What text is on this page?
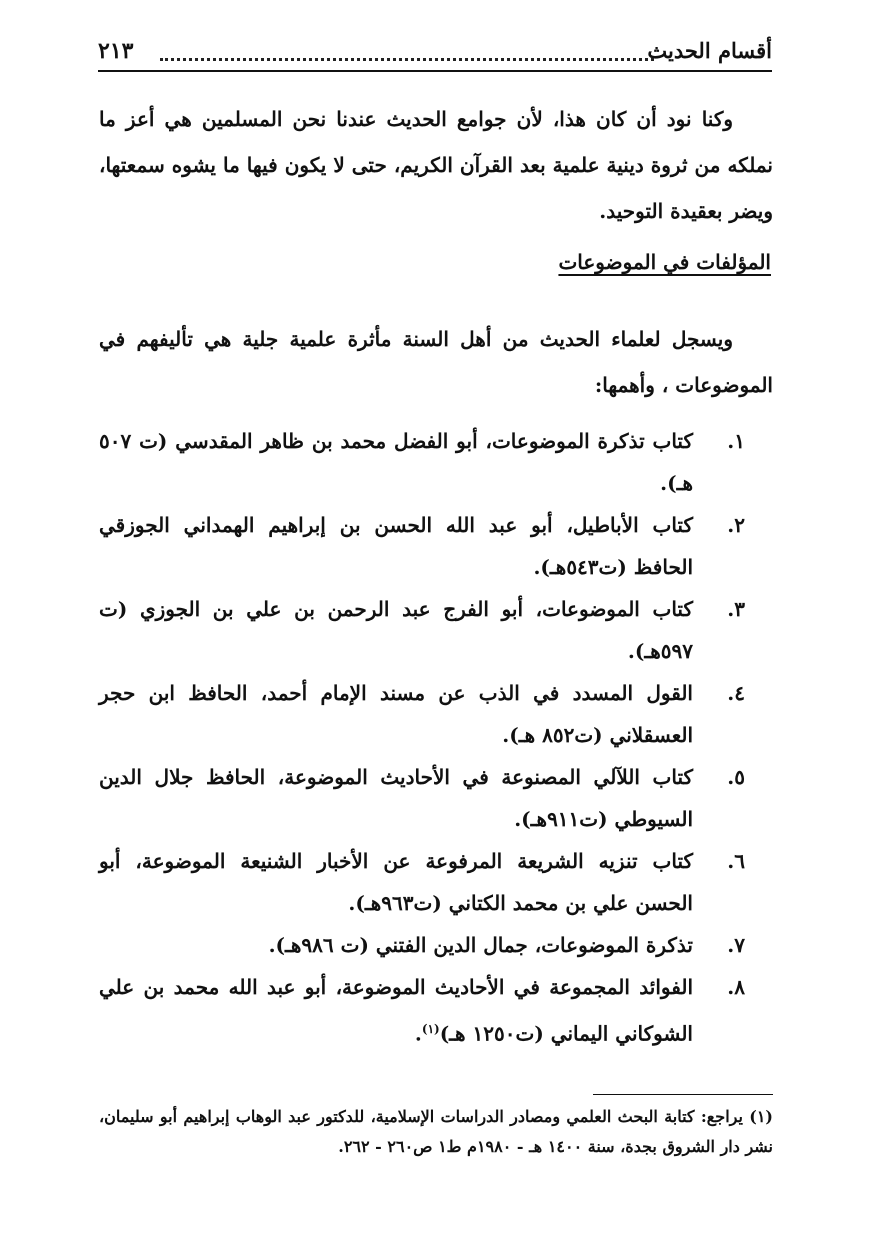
أقسام الحديث
٢١٣

وكنا نود أن كان هذا، لأن جوامع الحديث عندنا نحن المسلمين هي أعز ما نملكه من ثروة دينية علمية بعد القرآن الكريم، حتى لا يكون فيها ما يشوه سمعتها، ويضر بعقيدة التوحيد.

المؤلفات في الموضوعات

ويسجل لعلماء الحديث من أهل السنة مأثرة علمية جلية هي تأليفهم في الموضوعات ، وأهمها:

١.
كتاب تذكرة الموضوعات، أبو الفضل محمد بن ظاهر المقدسي (ت ٥٠٧ هـ).
٢.
كتاب الأباطيل، أبو عبد الله الحسن بن إبراهيم الهمداني الجوزقي الحافظ (ت٥٤٣هـ).
٣.
كتاب الموضوعات، أبو الفرج عبد الرحمن بن علي بن الجوزي (ت ٥٩٧هـ).
٤.
القول المسدد في الذب عن مسند الإمام أحمد، الحافظ ابن حجر العسقلاني (ت٨٥٢ هـ).
٥.
كتاب اللآلي المصنوعة في الأحاديث الموضوعة، الحافظ جلال الدين السيوطي (ت٩١١هـ).
٦.
كتاب تنزيه الشريعة المرفوعة عن الأخبار الشنيعة الموضوعة، أبو الحسن علي بن محمد الكتاني (ت٩٦٣هـ).
٧.
تذكرة الموضوعات، جمال الدين الفتني (ت ٩٨٦هـ).
٨.
الفوائد المجموعة في الأحاديث الموضوعة، أبو عبد الله محمد بن علي الشوكاني اليماني (ت١٢٥٠ هـ)$^{(١)}$.
(١) يراجع: كتابة البحث العلمي ومصادر الدراسات الإسلامية، للدكتور عبد الوهاب إبراهيم أبو سليمان، نشر دار الشروق بجدة، سنة ١٤٠٠ هـ - ١٩٨٠م ط١ ص٢٦٠ - ٢٦٢.
